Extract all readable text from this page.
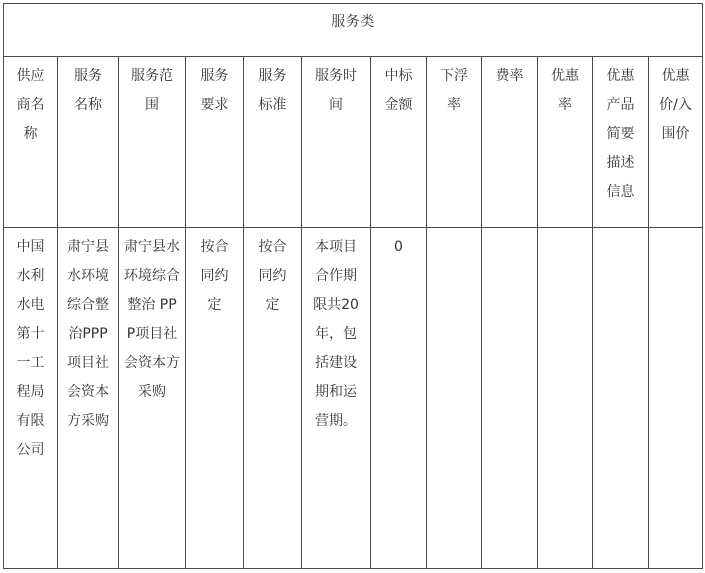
服务类											

供应商名称	服务名称	服务范围	服务要求	服务标准	服务时间	中标金额	下浮率	费率	优惠率	优惠产品简要描述信息	优惠价/入围价

中国水利水电第十一工程局有限公司	肃宁县水环境综合整治PPP项目社会资本方采购	肃宁县水环境综合整治 PPP项目社会资本方采购	按合同约定	按合同约定	本项目合作期限共20年，包括建设期和运营期。	0					
